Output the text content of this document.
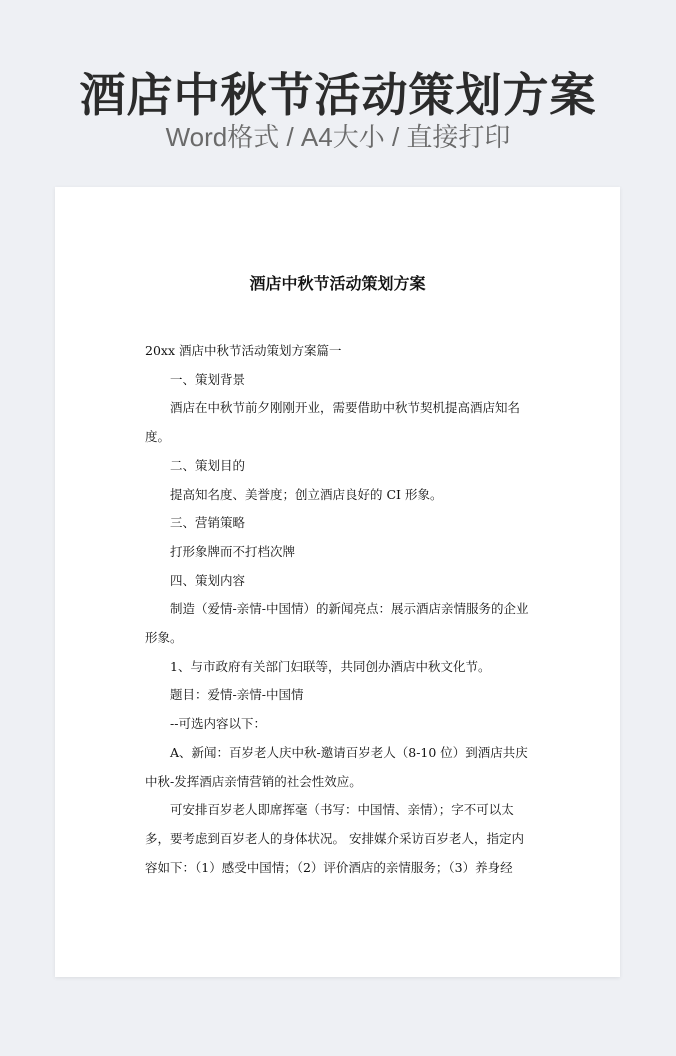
酒店中秋节活动策划方案
Word格式 / A4大小 / 直接打印
酒店中秋节活动策划方案

20xx 酒店中秋节活动策划方案篇一

一、策划背景

酒店在中秋节前夕刚刚开业，需要借助中秋节契机提高酒店知名度。

二、策划目的

提高知名度、美誉度；创立酒店良好的 CI 形象。

三、营销策略

打形象牌而不打档次牌

四、策划内容

制造（爱情-亲情-中国情）的新闻亮点：展示酒店亲情服务的企业形象。

1、与市政府有关部门妇联等，共同创办酒店中秋文化节。

题目：爱情-亲情-中国情

--可选内容以下：

A、新闻：百岁老人庆中秋-邀请百岁老人（8-10 位）到酒店共庆中秋-发挥酒店亲情营销的社会性效应。

可安排百岁老人即席挥毫（书写：中国情、亲情）；字不可以太多，要考虑到百岁老人的身体状况。 安排媒介采访百岁老人，指定内容如下：（1）感受中国情；（2）评价酒店的亲情服务；（3）养身经
